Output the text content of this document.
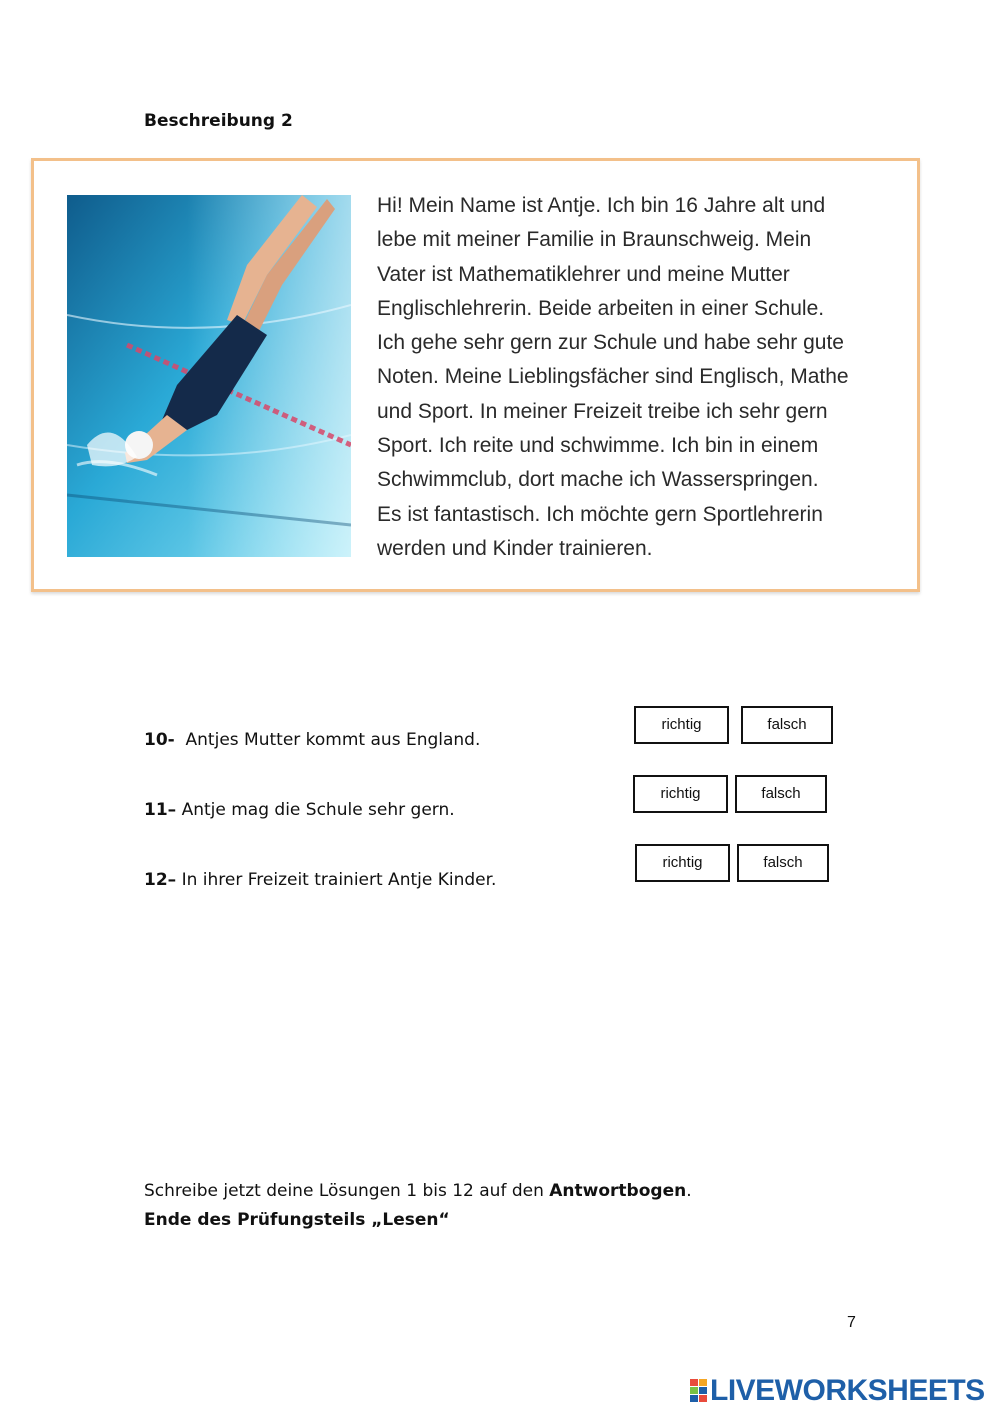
Beschreibung 2

Hi! Mein Name ist Antje. Ich bin 16 Jahre alt und
lebe mit meiner Familie in Braunschweig. Mein
Vater ist Mathematiklehrer und meine Mutter
Englischlehrerin. Beide arbeiten in einer Schule.
Ich gehe sehr gern zur Schule und habe sehr gute
Noten. Meine Lieblingsfächer sind Englisch, Mathe
und Sport. In meiner Freizeit treibe ich sehr gern
Sport. Ich reite und schwimme. Ich bin in einem
Schwimmclub, dort mache ich Wasserspringen.
Es ist fantastisch. Ich möchte gern Sportlehrerin
werden und Kinder trainieren.

10- Antjes Mutter kommt aus England.

richtig	falsch

11– Antje mag die Schule sehr gern.

richtig	falsch

12– In ihrer Freizeit trainiert Antje Kinder.

richtig	falsch

Schreibe jetzt deine Lösungen 1 bis 12 auf den Antwortbogen.

Ende des Prüfungsteils „Lesen“

7

LIVEWORKSHEETS
